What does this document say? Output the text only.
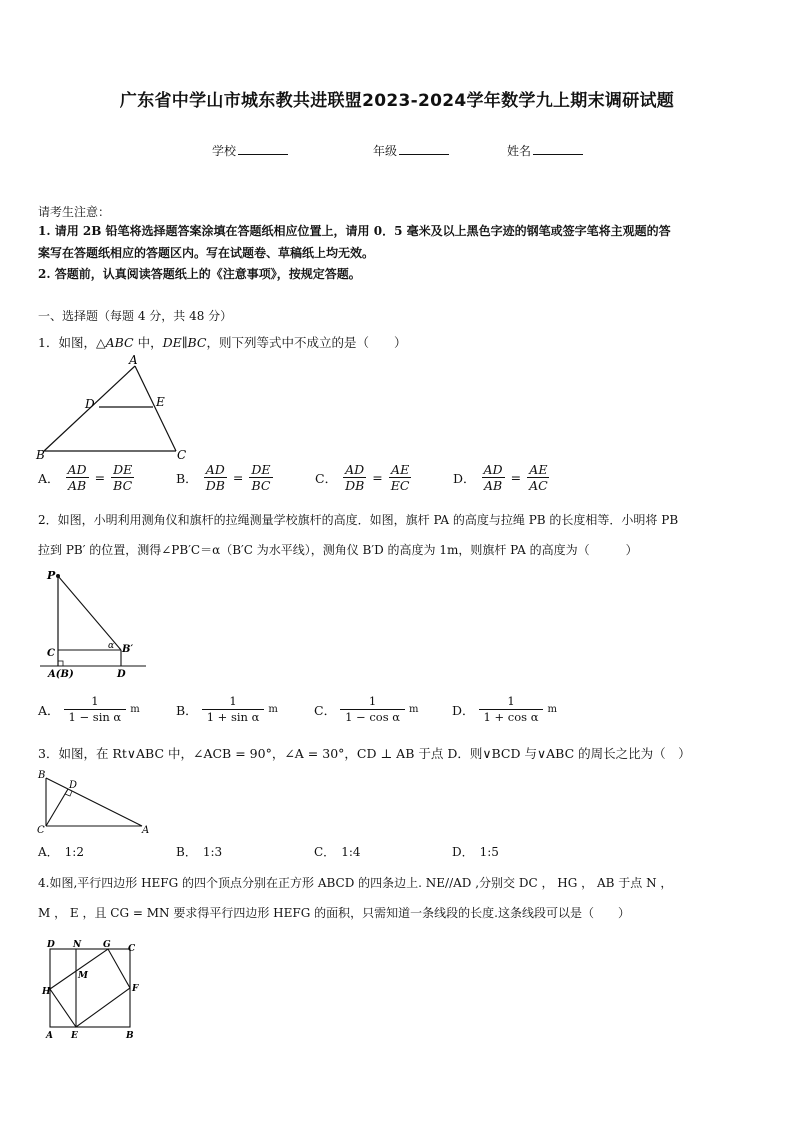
广东省中学山市城东教共进联盟2023-2024学年数学九上期末调研试题
学校	年级	姓名
请考生注意：
1. 请用 2B 铅笔将选择题答案涂填在答题纸相应位置上，请用 0．5 毫米及以上黑色字迹的钢笔或签字笔将主观题的答
案写在答题纸相应的答题区内。写在试题卷、草稿纸上均无效。
2. 答题前，认真阅读答题纸上的《注意事项》，按规定答题。
一、选择题（每题 4 分，共 48 分）
1．如图，△ABC 中，DE∥BC，则下列等式中不成立的是（　　）
A
D	E
B	C
A． $\frac{AD}{AB} = \frac{DE}{BC}$	B． $\frac{AD}{DB} = \frac{DE}{BC}$	C． $\frac{AD}{DB} = \frac{AE}{EC}$	D． $\frac{AD}{AB} = \frac{AE}{AC}$
2．如图，小明利用测角仪和旗杆的拉绳测量学校旗杆的高度．如图，旗杆 PA 的高度与拉绳 PB 的长度相等．小明将 PB
拉到 PB′ 的位置，测得∠PB′C＝α（B′C 为水平线），测角仪 B′D 的高度为 1m，则旗杆 PA 的高度为（　　　）
P
B′
α
C
A(B)	D
A． $\frac{1}{\text{1 − sin α}}$ m	B． $\frac{1}{\text{1 + sin α}}$ m	C． $\frac{1}{\text{1 − cos α}}$ m	D． $\frac{1}{\text{1 + cos α}}$ m
3．如图，在 Rt∨ABC 中，∠ACB = 90°，∠A = 30°，CD ⊥ AB 于点 D．则∨BCD 与∨ABC 的周长之比为（　）
B
D
C	A
A． 1:2	B． 1:3	C． 1:4	D． 1:5
4.如图,平行四边形 HEFG 的四个顶点分别在正方形 ABCD 的四条边上. NE//AD ,分别交 DC ， HG ， AB 于点 N ，
M ， E ，且 CG = MN 要求得平行四边形 HEFG 的面积，只需知道一条线段的长度.这条线段可以是（　　）
D N G C
M
H	F
A E	B
